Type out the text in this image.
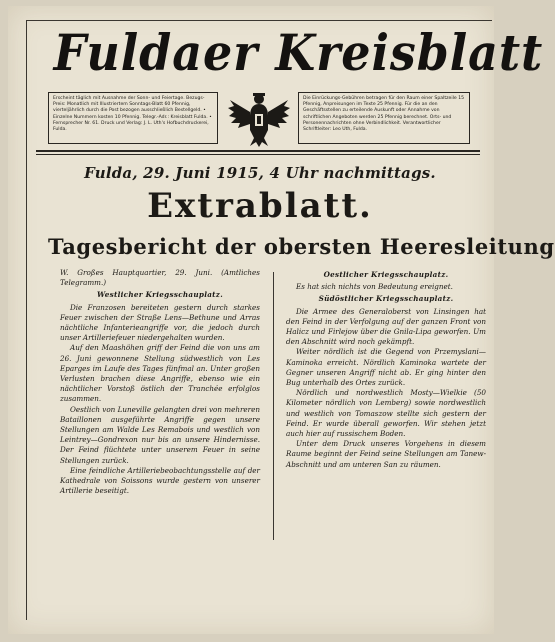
Fuldaer Kreisblatt
Erscheint täglich mit Ausnahme der Sonn- und Feiertage. Bezugs-Preis: Monatlich mit Illustriertem Sonntags-Blatt 60 Pfennig, vierteljährlich durch die Post bezogen ausschließlich Bestellgeld. • Einzelne Nummern kosten 10 Pfennig. Telegr.-Adr.: Kreisblatt Fulda. • Fernsprecher Nr. 61. Druck und Verlag: J. L. Uth's Hofbuchdruckerei, Fulda.
Die Einrückungs-Gebühren betragen für den Raum einer Spaltzeile 15 Pfennig, Anpreisungen im Texte 25 Pfennig. Für die an den Geschäftsstellen zu erteilende Auskunft oder Annahme von schriftlichen Angeboten werden 25 Pfennig berechnet. Orts- und Personennachrichten ohne Verbindlichkeit. Verantwortlicher Schriftleiter: Leo Uth, Fulda.
Fulda, 29. Juni 1915, 4 Uhr nachmittags.
Extrablatt.
Tagesbericht der obersten Heeresleitung

W. Großes Hauptquartier, 29. Juni. (Amtliches Telegramm.)

Westlicher Kriegsschauplatz.

Die Franzosen bereiteten gestern durch starkes Feuer zwischen der Straße Lens—Bethune und Arras nächtliche Infanterieangriffe vor, die jedoch durch unser Artilleriefeuer niedergehalten wurden.

Auf den Maashöhen griff der Feind die von uns am 26. Juni gewonnene Stellung südwestlich von Les Eparges im Laufe des Tages fünfmal an. Unter großen Verlusten brachen diese Angriffe, ebenso wie ein nächtlicher Vorstoß östlich der Tranchée erfolglos zusammen.

Oestlich von Luneville gelangten drei von mehreren Bataillonen ausgeführte Angriffe gegen unsere Stellungen am Walde Les Remabois und westlich von Leintrey—Gondrexon nur bis an unsere Hindernisse. Der Feind flüchtete unter unserem Feuer in seine Stellungen zurück.

Eine feindliche Artilleriebeobachtungsstelle auf der Kathedrale von Soissons wurde gestern von unserer Artillerie beseitigt.

Oestlicher Kriegsschauplatz.

Es hat sich nichts von Bedeutung ereignet.

Südöstlicher Kriegsschauplatz.

Die Armee des Generaloberst von Linsingen hat den Feind in der Verfolgung auf der ganzen Front von Halicz und Firlejow über die Gnila-Lipa geworfen. Um den Abschnitt wird noch gekämpft.

Weiter nördlich ist die Gegend von Przemyslani—Kaminoka erreicht. Nördlich Kaminoka wartete der Gegner unseren Angriff nicht ab. Er ging hinter den Bug unterhalb des Ortes zurück.

Nördlich und nordwestlich Mosty—Wielkie (50 Kilometer nördlich von Lemberg) sowie nordwestlich und westlich von Tomaszow stellte sich gestern der Feind. Er wurde überall geworfen. Wir stehen jetzt auch hier auf russischem Boden.

Unter dem Druck unseres Vorgehens in diesem Raume beginnt der Feind seine Stellungen am Tanew-Abschnitt und am unteren San zu räumen.
